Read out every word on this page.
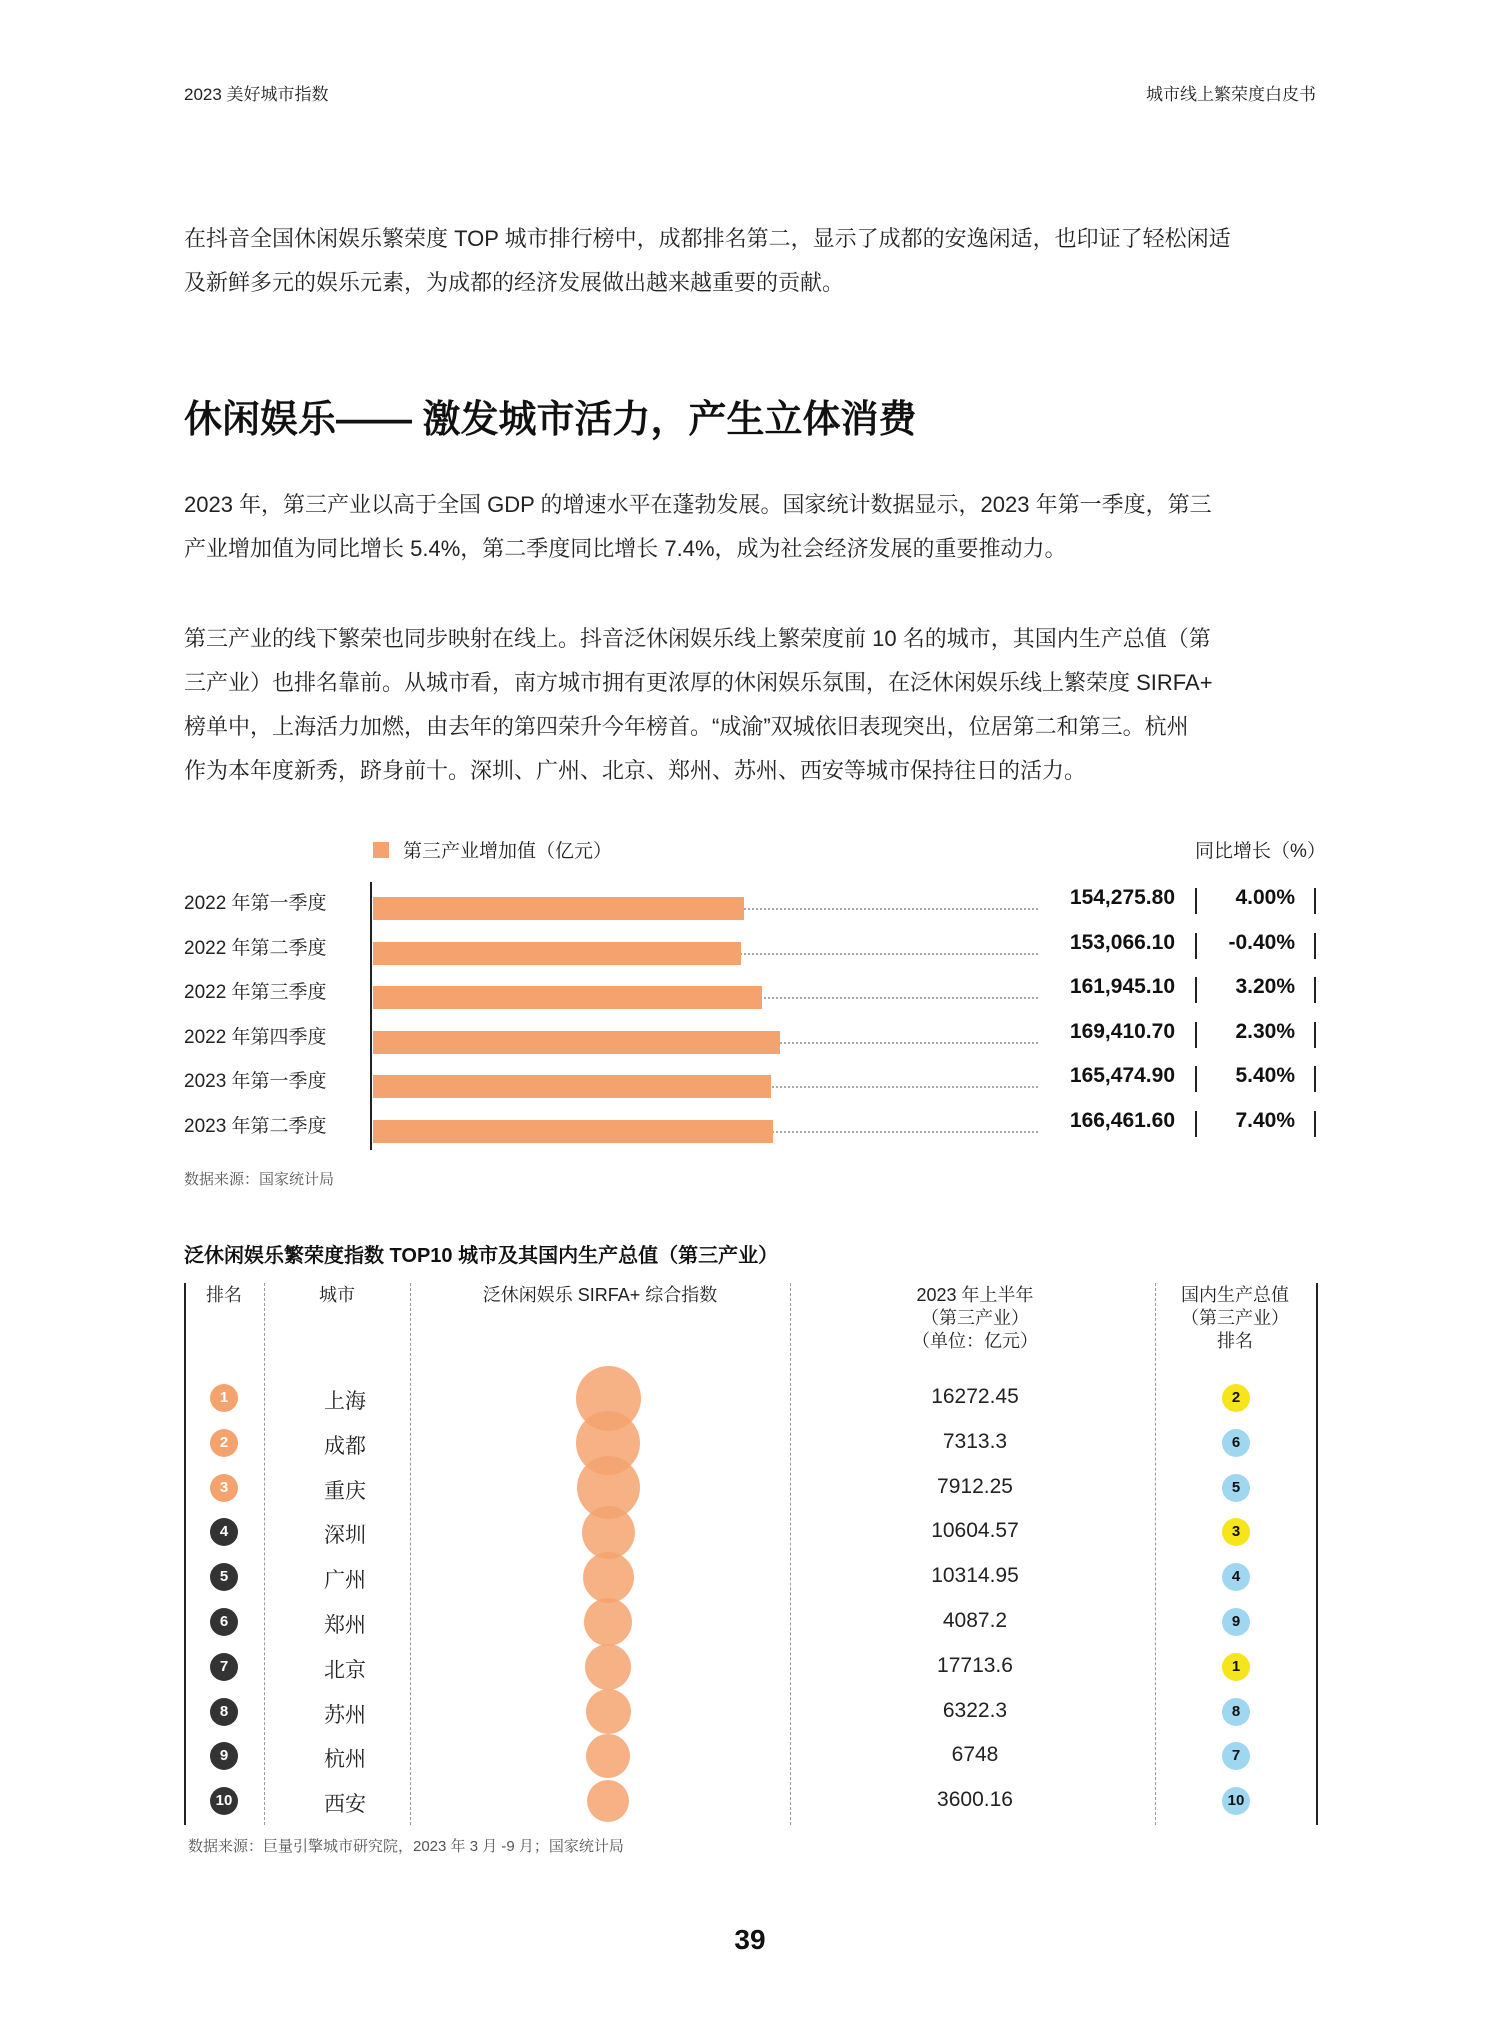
2023 美好城市指数	城市线上繁荣度白皮书
在抖音全国休闲娱乐繁荣度 TOP 城市排行榜中，成都排名第二，显示了成都的安逸闲适，也印证了轻松闲适
及新鲜多元的娱乐元素，为成都的经济发展做出越来越重要的贡献。
休闲娱乐—— 激发城市活力，产生立体消费
2023 年，第三产业以高于全国 GDP 的增速水平在蓬勃发展。国家统计数据显示，2023 年第一季度，第三
产业增加值为同比增长 5.4%，第二季度同比增长 7.4%，成为社会经济发展的重要推动力。
第三产业的线下繁荣也同步映射在线上。抖音泛休闲娱乐线上繁荣度前 10 名的城市，其国内生产总值（第
三产业）也排名靠前。从城市看，南方城市拥有更浓厚的休闲娱乐氛围，在泛休闲娱乐线上繁荣度 SIRFA+
榜单中，上海活力加燃，由去年的第四荣升今年榜首。“成渝”双城依旧表现突出，位居第二和第三。杭州
作为本年度新秀，跻身前十。深圳、广州、北京、郑州、苏州、西安等城市保持往日的活力。
第三产业增加值（亿元）	同比增长（%）
2022 年第一季度	154,275.80	4.00%
2022 年第二季度	153,066.10	-0.40%
2022 年第三季度	161,945.10	3.20%
2022 年第四季度	169,410.70	2.30%
2023 年第一季度	165,474.90	5.40%
2023 年第二季度	166,461.60	7.40%
数据来源：国家统计局
泛休闲娱乐繁荣度指数 TOP10 城市及其国内生产总值（第三产业）
排名	城市	泛休闲娱乐 SIRFA+ 综合指数	2023 年上半年
（第三产业）
（单位：亿元）
国内生产总值
（第三产业）
排名
1	上海	16272.45	2
2	成都	7313.3	6
3	重庆	7912.25	5
4	深圳	10604.57	3
5	广州	10314.95	4
6	郑州	4087.2	9
7	北京	17713.6	1
8	苏州	6322.3	8
9	杭州	6748	7
10	西安	3600.16	10
数据来源：巨量引擎城市研究院，2023 年 3 月 -9 月；国家统计局
39
